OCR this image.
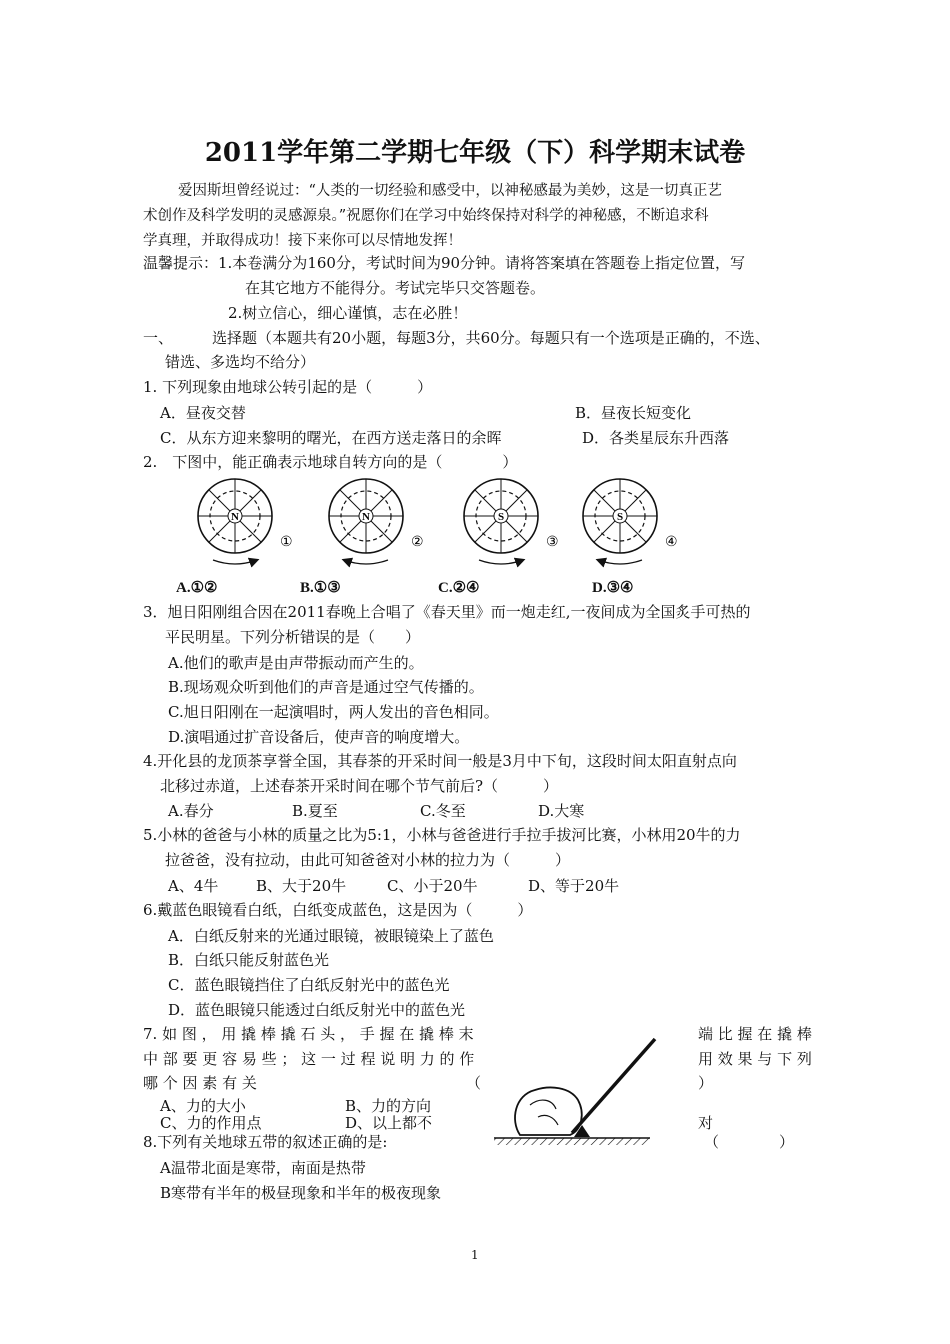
2011学年第二学期七年级（下）科学期末试卷
爱因斯坦曾经说过：“人类的一切经验和感受中，以神秘感最为美妙，这是一切真正艺
术创作及科学发明的灵感源泉。”祝愿你们在学习中始终保持对科学的神秘感，不断追求科
学真理，并取得成功！接下来你可以尽情地发挥！
温馨提示：1.本卷满分为160分，考试时间为90分钟。请将答案填在答题卷上指定位置，写
在其它地方不能得分。考试完毕只交答题卷。
2.树立信心，细心谨慎，志在必胜！
一、	选择题（本题共有20小题，每题3分，共60分。每题只有一个选项是正确的，不选、
错选、多选均不给分）
1. 下列现象由地球公转引起的是（　　　）
A．昼夜交替	B．昼夜长短变化
C．从东方迎来黎明的曙光，在西方送走落日的余晖	D．各类星辰东升西落
2.　下图中，能正确表示地球自转方向的是（　　　　）
N
①
N
②
S
③
S
④
A.①②	B.①③	C.②④	D.③④
3．旭日阳刚组合因在2011春晚上合唱了《春天里》而一炮走红,一夜间成为全国炙手可热的
平民明星。下列分析错误的是（　　）
A.他们的歌声是由声带振动而产生的。
B.现场观众听到他们的声音是通过空气传播的。
C.旭日阳刚在一起演唱时，两人发出的音色相同。
D.演唱通过扩音设备后，使声音的响度增大。
4.开化县的龙顶茶享誉全国，其春茶的开采时间一般是3月中下旬，这段时间太阳直射点向
北移过赤道，上述春茶开采时间在哪个节气前后?（　　　）
A.春分	B.夏至	C.冬至	D.大寒
5.小林的爸爸与小林的质量之比为5:1，小林与爸爸进行手拉手拔河比赛，小林用20牛的力
拉爸爸，没有拉动，由此可知爸爸对小林的拉力为（　　　）
A、4牛	B、大于20牛	C、小于20牛	D、等于20牛
6.戴蓝色眼镜看白纸，白纸变成蓝色，这是因为（　　　）
A．白纸反射来的光通过眼镜，被眼镜染上了蓝色
B．白纸只能反射蓝色光
C．蓝色眼镜挡住了白纸反射光中的蓝色光
D．蓝色眼镜只能透过白纸反射光中的蓝色光
7. 如 图 ， 用 撬 棒 撬 石 头 ， 手 握 在 撬 棒 末	端 比 握 在 撬 棒
中 部 要 更 容 易 些 ； 这 一 过 程 说 明 力 的 作	用 效 果 与 下 列
哪 个 因 素 有 关	（	）
A、力的大小	B、力的方向
C、力的作用点	D、以上都不	对
（　　　　）
8.下列有关地球五带的叙述正确的是:
A温带北面是寒带，南面是热带
B寒带有半年的极昼现象和半年的极夜现象
1
